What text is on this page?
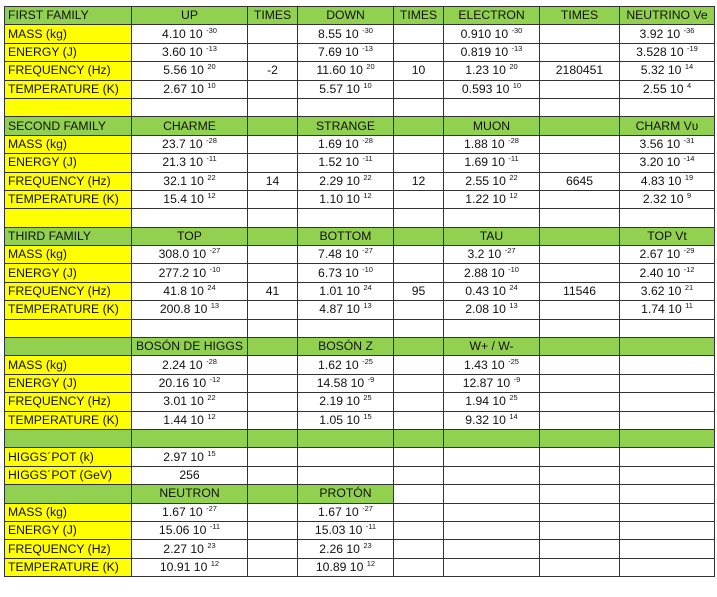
FIRST FAMILY	UP	TIMES	DOWN	TIMES	ELECTRON	TIMES	NEUTRINO Ve
MASS (kg)	4.10 10 $^{-30}$		8.55 10 $^{-30}$		0.910 10 $^{-30}$		3.92 10 $^{-36}$
ENERGY (J)	3.60 10 $^{-13}$		7.69 10 $^{-13}$		0.819 10 $^{-13}$		3.528 10 $^{-19}$
FREQUENCY (Hz)	5.56 10 $^{20}$	-2	11.60 10 $^{20}$	10	1.23 10 $^{20}$	2180451	5.32 10 $^{14}$
TEMPERATURE (K)	2.67 10 $^{10}$		5.57 10 $^{10}$		0.593 10 $^{10}$		2.55 10 $^4$

SECOND FAMILY	CHARME		STRANGE		MUON		CHARM Vʋ
MASS (kg)	23.7 10 $^{-28}$		1.69 10 $^{-28}$		1.88 10 $^{-28}$		3.56 10 $^{-31}$
ENERGY (J)	21.3 10 $^{-11}$		1.52 10 $^{-11}$		1.69 10 $^{-11}$		3.20 10 $^{-14}$
FREQUENCY (Hz)	32.1 10 $^{22}$	14	2.29 10 $^{22}$	12	2.55 10 $^{22}$	6645	4.83 10 $^{19}$
TEMPERATURE (K)	15.4 10 $^{12}$		1.10 10 $^{12}$		1.22 10 $^{12}$		2.32 10 $^9$

THIRD FAMILY	TOP		BOTTOM		TAU		TOP Vt
MASS (kg)	308.0 10 $^{-27}$		7.48 10 $^{-27}$		3.2 10 $^{-27}$		2.67 10 $^{-29}$
ENERGY (J)	277.2 10 $^{-10}$		6.73 10 $^{-10}$		2.88 10 $^{-10}$		2.40 10 $^{-12}$
FREQUENCY (Hz)	41.8 10 $^{24}$	41	1.01 10 $^{24}$	95	0.43 10 $^{24}$	11546	3.62 10 $^{21}$
TEMPERATURE (K)	200.8 10 $^{13}$		4.87 10 $^{13}$		2.08 10 $^{13}$		1.74 10 $^{11}$

	BOSÓN DE HIGGS		BOSÓN Z		W+ / W-		
MASS (kg)	2.24 10 $^{-28}$		1.62 10 $^{-25}$		1.43 10 $^{-25}$		
ENERGY (J)	20.16 10 $^{-12}$		14.58 10 $^{-9}$		12.87 10 $^{-9}$		
FREQUENCY (Hz)	3.01 10 $^{22}$		2.19 10 $^{25}$		1.94 10 $^{25}$		
TEMPERATURE (K)	1.44 10 $^{12}$		1.05 10 $^{15}$		9.32 10 $^{14}$		

HIGGS´POT (k)	2.97 10 $^{15}$						
HIGGS´POT (GeV)	256						
	NEUTRON		PROTÓN				
MASS (kg)	1.67 10 $^{-27}$		1.67 10 $^{-27}$				
ENERGY (J)	15.06 10 $^{-11}$		15.03 10 $^{-11}$				
FREQUENCY (Hz)	2.27 10 $^{23}$		2.26 10 $^{23}$				
TEMPERATURE (K)	10.91 10 $^{12}$		10.89 10 $^{12}$				
